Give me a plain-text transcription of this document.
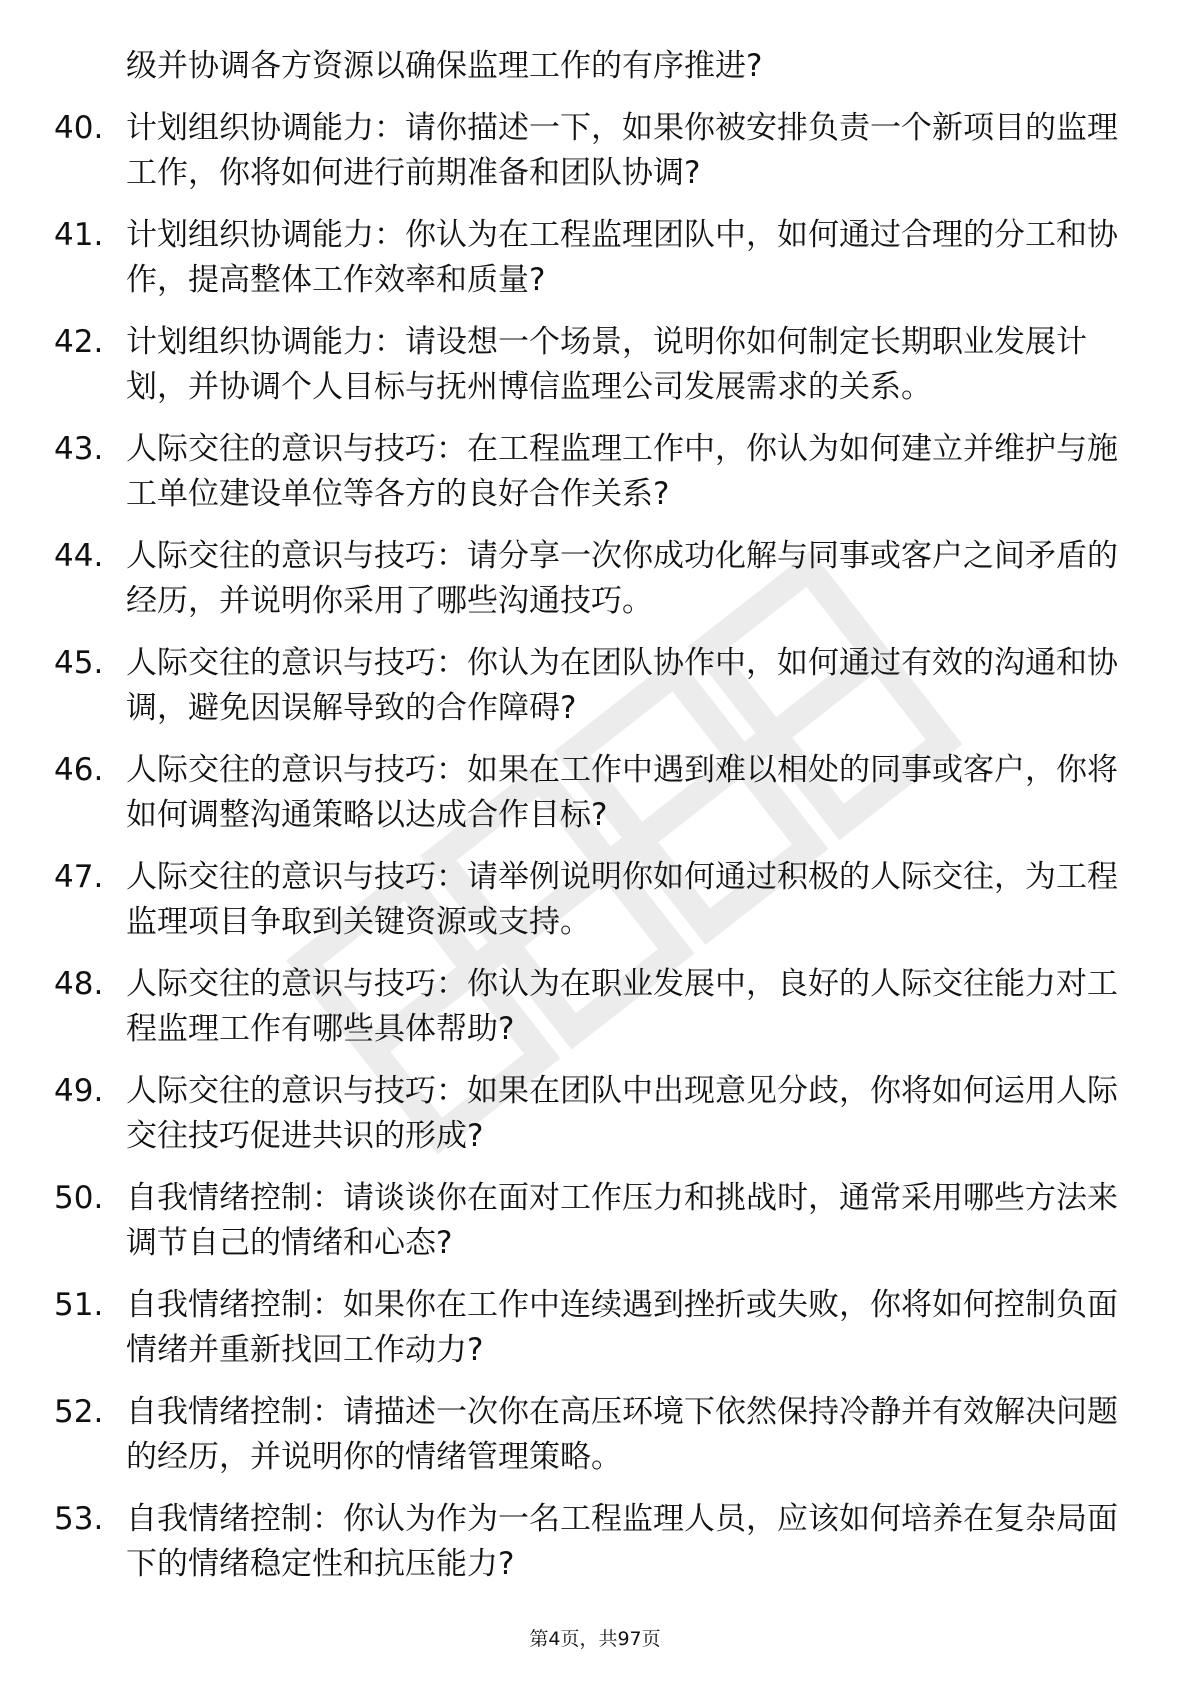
级并协调各方资源以确保监理工作的有序推进?
40. 计划组织协调能力：请你描述一下，如果你被安排负责一个新项目的监理工作，你将如何进行前期准备和团队协调?
41. 计划组织协调能力：你认为在工程监理团队中，如何通过合理的分工和协作，提高整体工作效率和质量?
42. 计划组织协调能力：请设想一个场景，说明你如何制定长期职业发展计划，并协调个人目标与抚州博信监理公司发展需求的关系。
43. 人际交往的意识与技巧：在工程监理工作中，你认为如何建立并维护与施工单位建设单位等各方的良好合作关系?
44. 人际交往的意识与技巧：请分享一次你成功化解与同事或客户之间矛盾的经历，并说明你采用了哪些沟通技巧。
45. 人际交往的意识与技巧：你认为在团队协作中，如何通过有效的沟通和协调，避免因误解导致的合作障碍?
46. 人际交往的意识与技巧：如果在工作中遇到难以相处的同事或客户，你将如何调整沟通策略以达成合作目标?
47. 人际交往的意识与技巧：请举例说明你如何通过积极的人际交往，为工程监理项目争取到关键资源或支持。
48. 人际交往的意识与技巧：你认为在职业发展中，良好的人际交往能力对工程监理工作有哪些具体帮助?
49. 人际交往的意识与技巧：如果在团队中出现意见分歧，你将如何运用人际交往技巧促进共识的形成?
50. 自我情绪控制：请谈谈你在面对工作压力和挑战时，通常采用哪些方法来调节自己的情绪和心态?
51. 自我情绪控制：如果你在工作中连续遇到挫折或失败，你将如何控制负面情绪并重新找回工作动力?
52. 自我情绪控制：请描述一次你在高压环境下依然保持冷静并有效解决问题的经历，并说明你的情绪管理策略。
53. 自我情绪控制：你认为作为一名工程监理人员，应该如何培养在复杂局面下的情绪稳定性和抗压能力?
第4页，共97页
